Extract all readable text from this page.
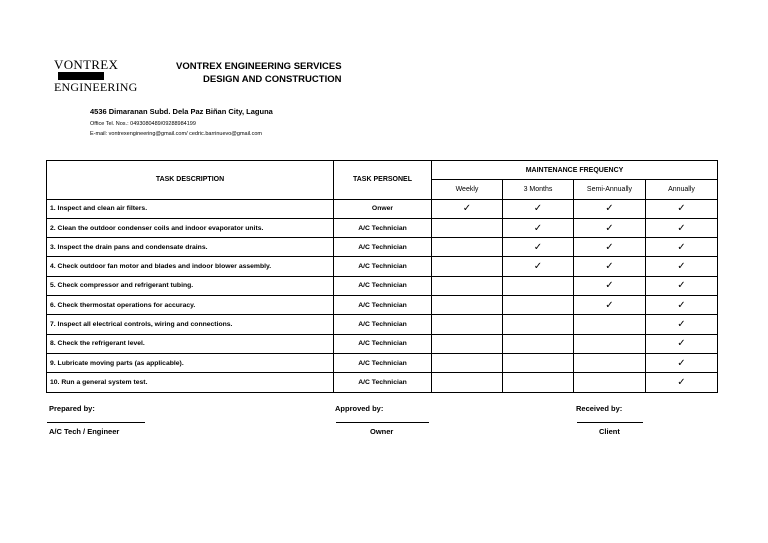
VONTREX
ENGINEERING
VONTREX ENGINEERING SERVICES
DESIGN AND CONSTRUCTION
4536 Dimaranan Subd. Dela Paz Biñan City, Laguna
Office Tel. Nos.: 0493080489/09288984199
E-mail: vontrexengineering@gmail.com/ cedric.barrinuevo@gmail.com
TASK DESCRIPTION	TASK PERSONEL	MAINTENANCE FREQUENCY			
		Weekly	3 Months	Semi-Annually	Annually
1. Inspect and clean air filters.	Onwer	✓	✓	✓	✓
2. Clean the outdoor condenser coils and indoor evaporator units.	A/C Technician		✓	✓	✓
3. Inspect the drain pans and condensate drains.	A/C Technician		✓	✓	✓
4. Check outdoor fan motor and blades and indoor blower assembly.	A/C Technician		✓	✓	✓
5. Check compressor and refrigerant tubing.	A/C Technician			✓	✓
6. Check thermostat operations for accuracy.	A/C Technician			✓	✓
7. Inspect all electrical controls, wiring and connections.	A/C Technician				✓
8. Check the refrigerant level.	A/C Technician				✓
9. Lubricate moving parts (as applicable).	A/C Technician				✓
10. Run a general system test.	A/C Technician				✓
Prepared by:
A/C Tech / Engineer
Approved by:
Owner
Received by:
Client
